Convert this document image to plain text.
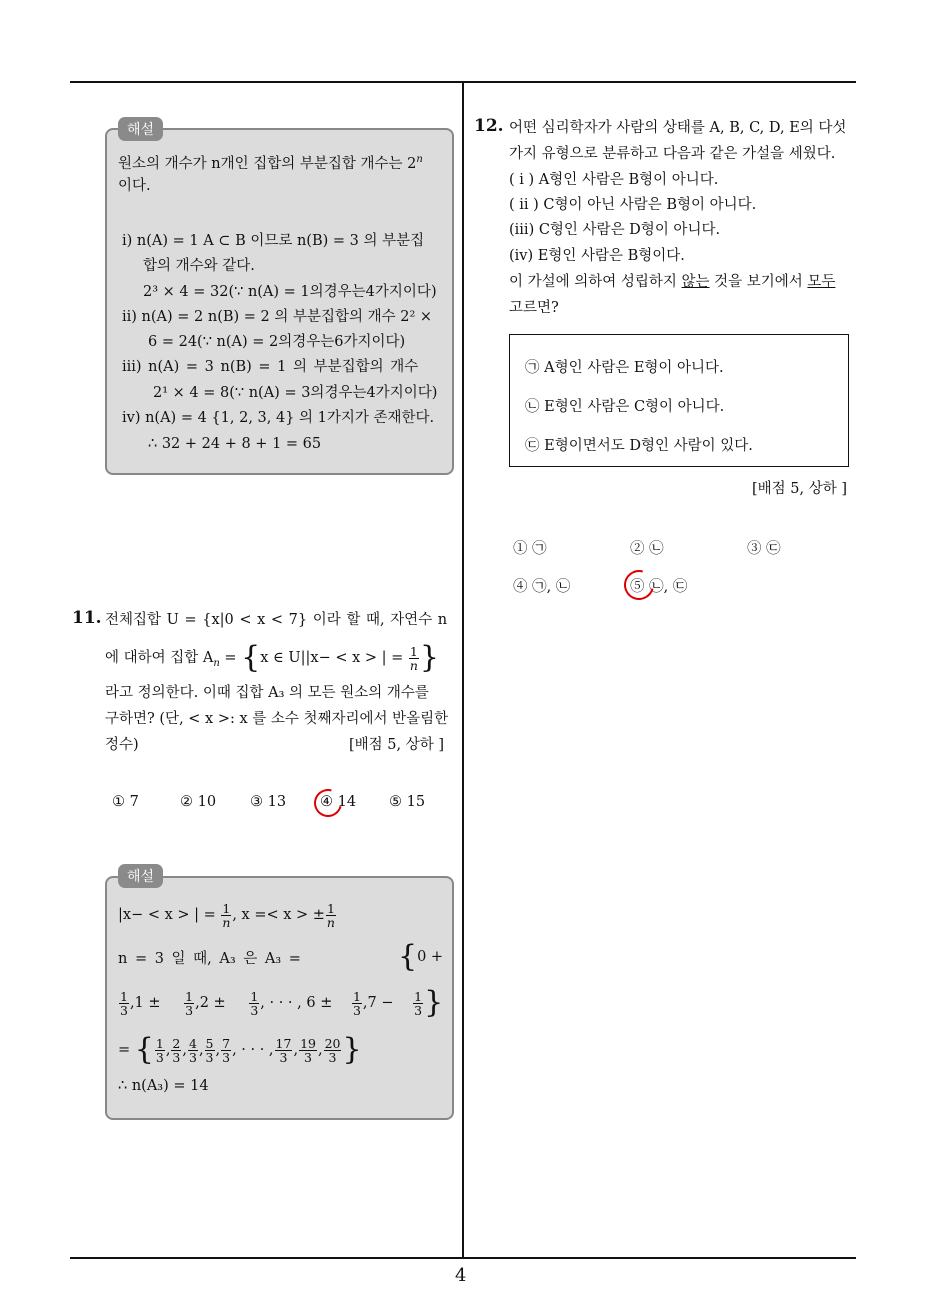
4
해설
원소의 개수가 n개인 집합의 부분집합 개수는 2$^n$
이다.
i) n(A) = 1 A ⊂ B 이므로 n(B) = 3 의 부분집
합의 개수와 같다.
2³ × 4 = 32(∵ n(A) = 1의경우는4가지이다)
ii) n(A) = 2 n(B) = 2 의 부분집합의 개수 2² ×
6 = 24(∵ n(A) = 2의경우는6가지이다)
iii) n(A) = 3 n(B) = 1 의 부분집합의 개수
2¹ × 4 = 8(∵ n(A) = 3의경우는4가지이다)
iv) n(A) = 4 {1, 2, 3, 4} 의 1가지가 존재한다.
∴ 32 + 24 + 8 + 1 = 65
11. 전체집합 U = {x|0 < x < 7} 이라 할 때, 자연수 n
에 대하여 집합 $A_n = \{x$ ∈ U||x− < x > | = $\frac{1}{n}$ }
라고 정의한다. 이때 집합 A₃ 의 모든 원소의 개수를
구하면? (단, < x >: x 를 소수 첫째자리에서 반올림한
정수)	[배점 5, 상하 ]
① 7	② 10 ③ 13 ④ 14 ⑤ 15
해설
|x− < x > | = $\frac{1}{n}$ , x =< x > ± $\frac{1}{n}$
n = 3 일 때, A₃ 은 A₃ =	{0 +
$\frac{1}{3} ,1 \pm \frac{1}{3} ,2 \pm \frac{1}{3}$ , · · · , $6 \pm \frac{1}{3} ,7 - \frac{1}{3}$ }
= { $\frac{1}{3}$ , $\frac{2}{3}$ , $\frac{4}{3}$ , $\frac{5}{3}$ , $\frac{7}{3}$ , · · · , $\frac{17}{3}$ , $\frac{19}{3}$ , $\frac{20}{3}$ }
∴ n(A₃) = 14
12. 어떤 심리학자가 사람의 상태를 A, B, C, D, E의 다섯
가지 유형으로 분류하고 다음과 같은 가설을 세웠다.
( i ) A형인 사람은 B형이 아니다.
( ii ) C형이 아닌 사람은 B형이 아니다.
(iii) C형인 사람은 D형이 아니다.
(iv) E형인 사람은 B형이다.
이 가설에 의하여 성립하지 않는 것을 보기에서 모두
고르면?
㉠ A형인 사람은 E형이 아니다.
㉡ E형인 사람은 C형이 아니다.
㉢ E형이면서도 D형인 사람이 있다.
[배점 5, 상하 ]
① ㉠	② ㉡	③ ㉢
④ ㉠, ㉡	⑤ ㉡, ㉢
